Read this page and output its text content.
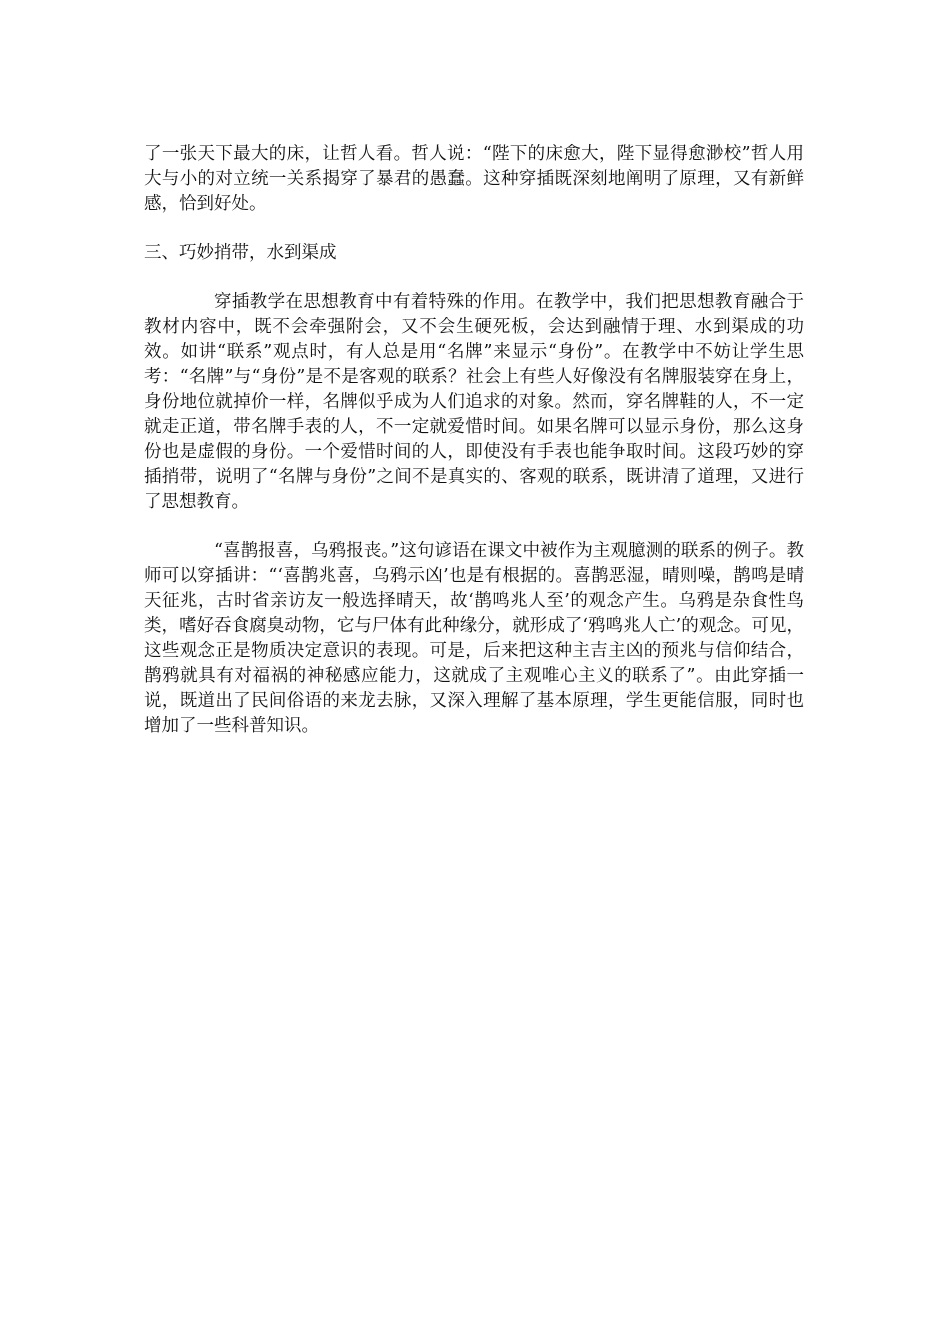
了一张天下最大的床，让哲人看。哲人说：“陛下的床愈大，陛下显得愈渺校”哲人用大与小的对立统一关系揭穿了暴君的愚蠢。这种穿插既深刻地阐明了原理，又有新鲜感，恰到好处。

三、巧妙捎带，水到渠成

穿插教学在思想教育中有着特殊的作用。在教学中，我们把思想教育融合于教材内容中，既不会牵强附会，又不会生硬死板，会达到融情于理、水到渠成的功效。如讲“联系”观点时，有人总是用“名牌”来显示“身份”。在教学中不妨让学生思考：“名牌”与“身份”是不是客观的联系？社会上有些人好像没有名牌服装穿在身上，身份地位就掉价一样，名牌似乎成为人们追求的对象。然而，穿名牌鞋的人，不一定就走正道，带名牌手表的人，不一定就爱惜时间。如果名牌可以显示身份，那么这身份也是虚假的身份。一个爱惜时间的人，即使没有手表也能争取时间。这段巧妙的穿插捎带，说明了“名牌与身份”之间不是真实的、客观的联系，既讲清了道理，又进行了思想教育。

“喜鹊报喜，乌鸦报丧。”这句谚语在课文中被作为主观臆测的联系的例子。教师可以穿插讲：“‘喜鹊兆喜，乌鸦示凶’也是有根据的。喜鹊恶湿，晴则噪，鹊鸣是晴天征兆，古时省亲访友一般选择晴天，故‘鹊鸣兆人至’的观念产生。乌鸦是杂食性鸟类，嗜好吞食腐臭动物，它与尸体有此种缘分，就形成了‘鸦鸣兆人亡’的观念。可见，这些观念正是物质决定意识的表现。可是，后来把这种主吉主凶的预兆与信仰结合，鹊鸦就具有对福祸的神秘感应能力，这就成了主观唯心主义的联系了”。由此穿插一说，既道出了民间俗语的来龙去脉，又深入理解了基本原理，学生更能信服，同时也增加了一些科普知识。
